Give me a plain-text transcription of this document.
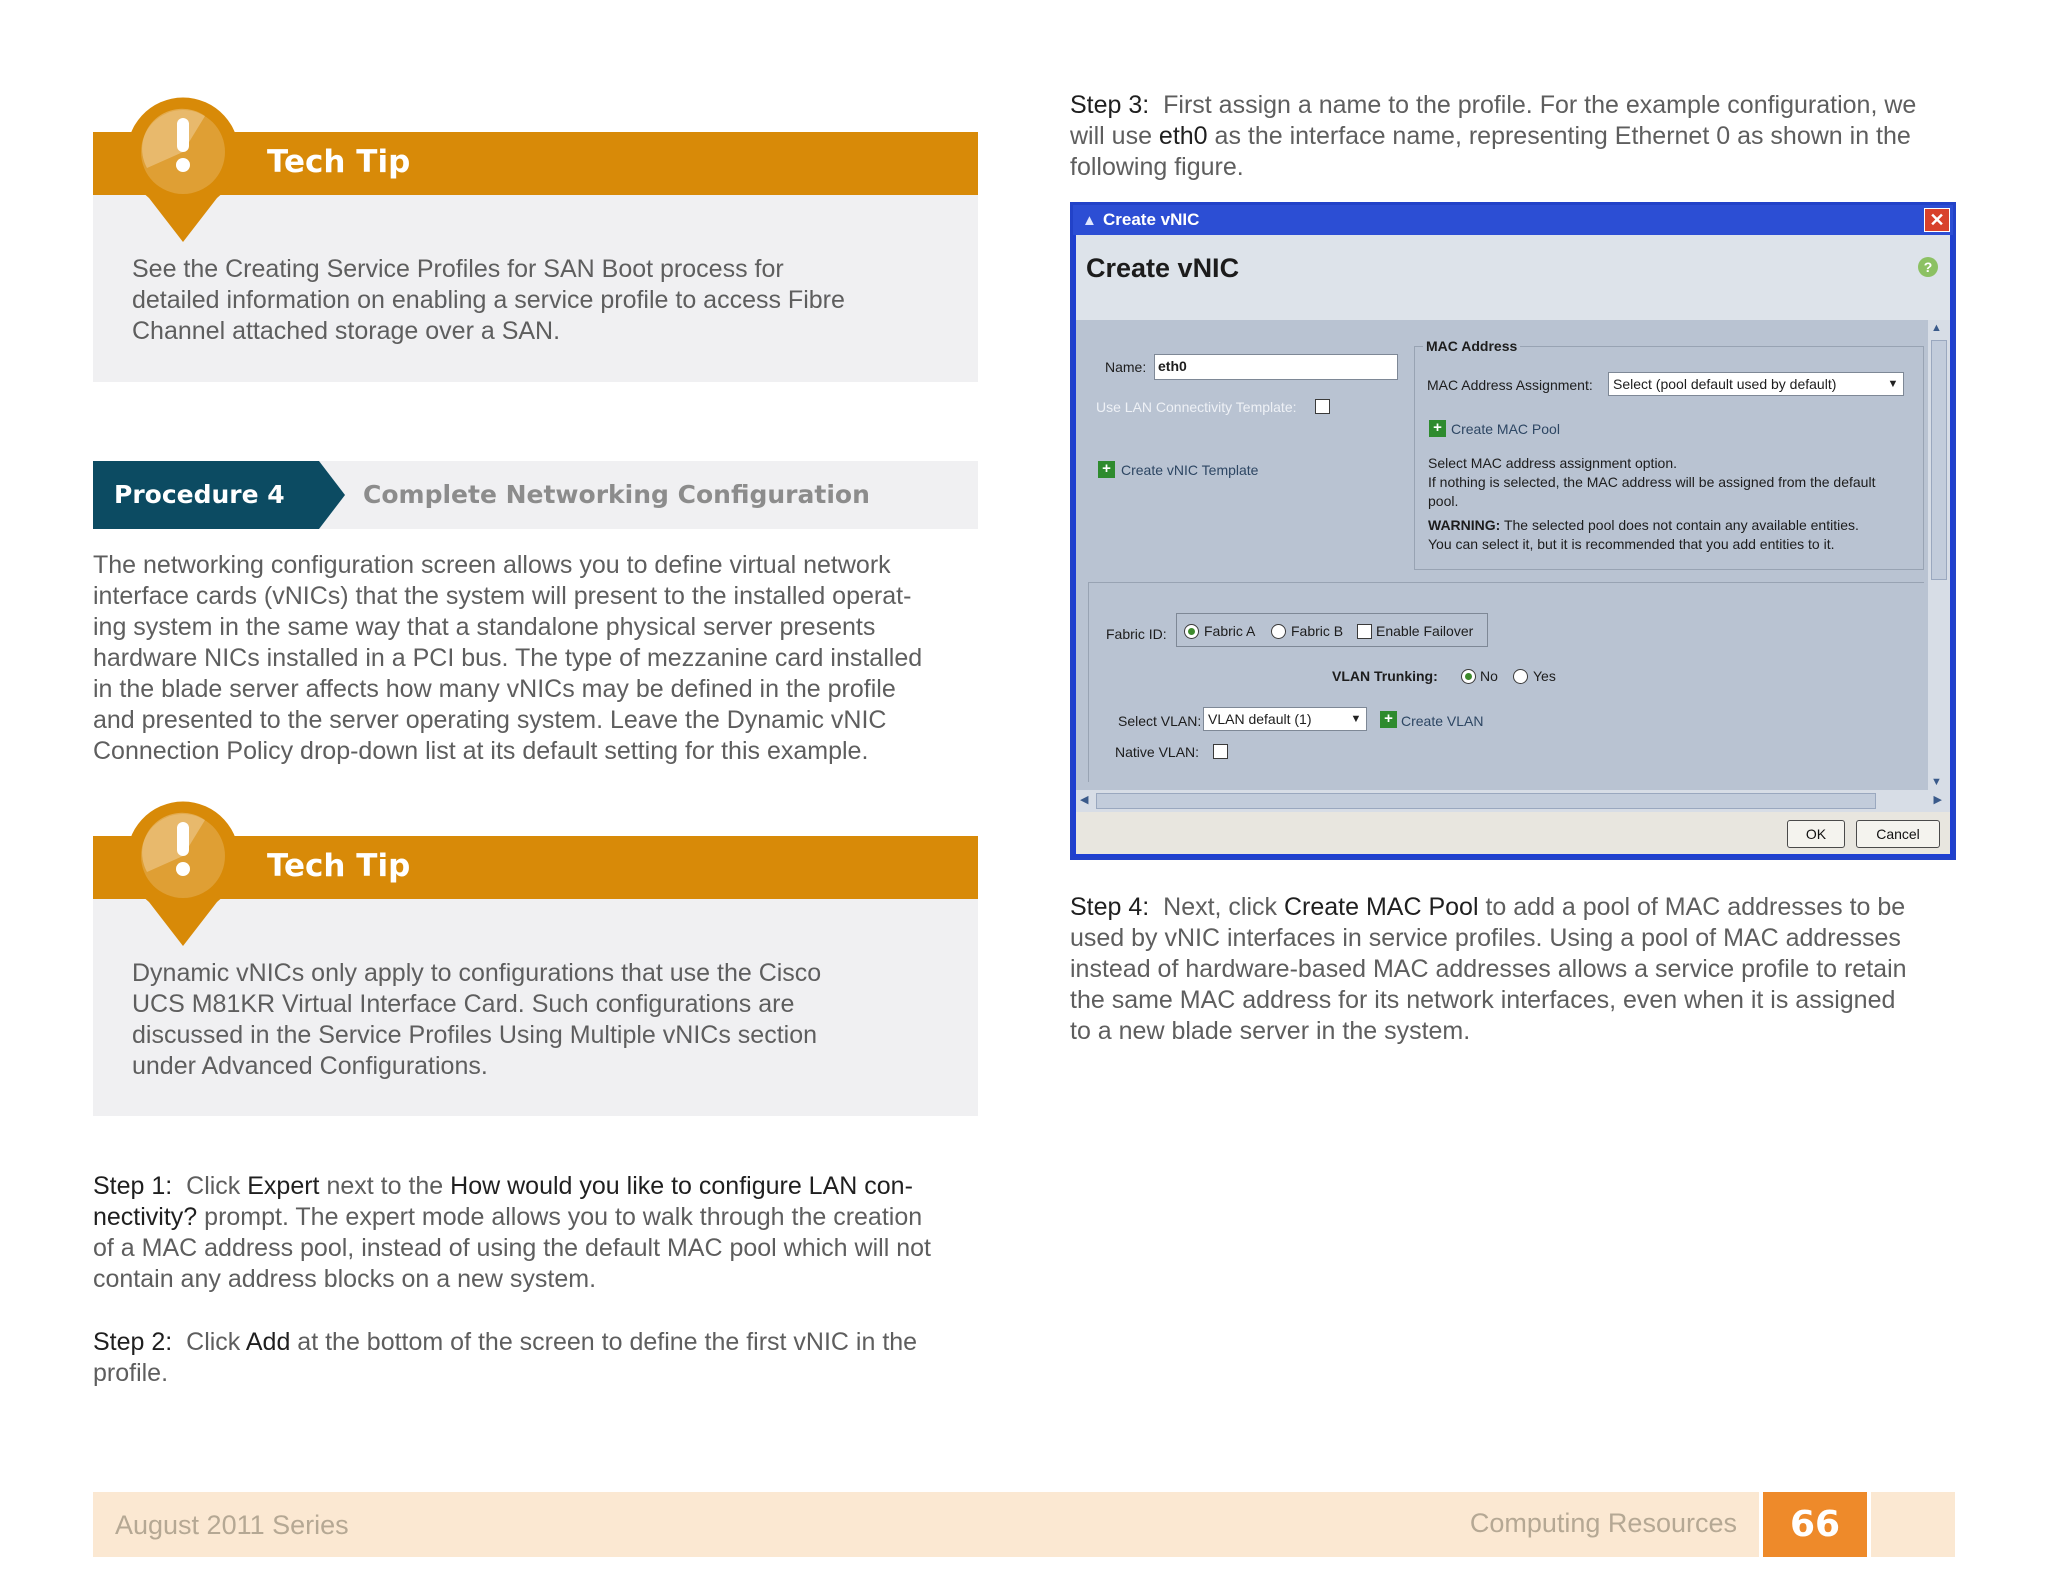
Tech Tip
See the Creating Service Profiles for SAN Boot process for
detailed information on enabling a service profile to access Fibre
Channel attached storage over a SAN.
Procedure 4	Complete Networking Configuration
The networking configuration screen allows you to define virtual network
interface cards (vNICs) that the system will present to the installed operat-
ing system in the same way that a standalone physical server presents
hardware NICs installed in a PCI bus. The type of mezzanine card installed
in the blade server affects how many vNICs may be defined in the profile
and presented to the server operating system. Leave the Dynamic vNIC
Connection Policy drop-down list at its default setting for this example.
Tech Tip
Dynamic vNICs only apply to configurations that use the Cisco
UCS M81KR Virtual Interface Card. Such configurations are
discussed in the Service Profiles Using Multiple vNICs section
under Advanced Configurations.
Step 1: Click Expert next to the How would you like to configure LAN con-
nectivity? prompt. The expert mode allows you to walk through the creation
of a MAC address pool, instead of using the default MAC pool which will not
contain any address blocks on a new system.
Step 2: Click Add at the bottom of the screen to define the first vNIC in the
profile.
Step 3: First assign a name to the profile. For the example configuration, we
will use eth0 as the interface name, representing Ethernet 0 as shown in the
following figure.
▲ Create vNIC	✕
Create vNIC	?
Name: eth0
Use LAN Connectivity Template:
+ Create vNIC Template
MAC Address
MAC Address Assignment: Select (pool default used by default)	▼
+ Create MAC Pool
Select MAC address assignment option.
If nothing is selected, the MAC address will be assigned from the default
pool.
WARNING: The selected pool does not contain any available entities.
You can select it, but it is recommended that you add entities to it.
Fabric ID:	Fabric A	Fabric B Enable Failover
VLAN Trunking:	No	Yes
Select VLAN: VLAN default (1)	▼ + Create VLAN
Native VLAN:
▲
▼
◀	▶
OK	Cancel
Step 4: Next, click Create MAC Pool to add a pool of MAC addresses to be
used by vNIC interfaces in service profiles. Using a pool of MAC addresses
instead of hardware-based MAC addresses allows a service profile to retain
the same MAC address for its network interfaces, even when it is assigned
to a new blade server in the system.
August 2011 Series	Computing Resources	66
